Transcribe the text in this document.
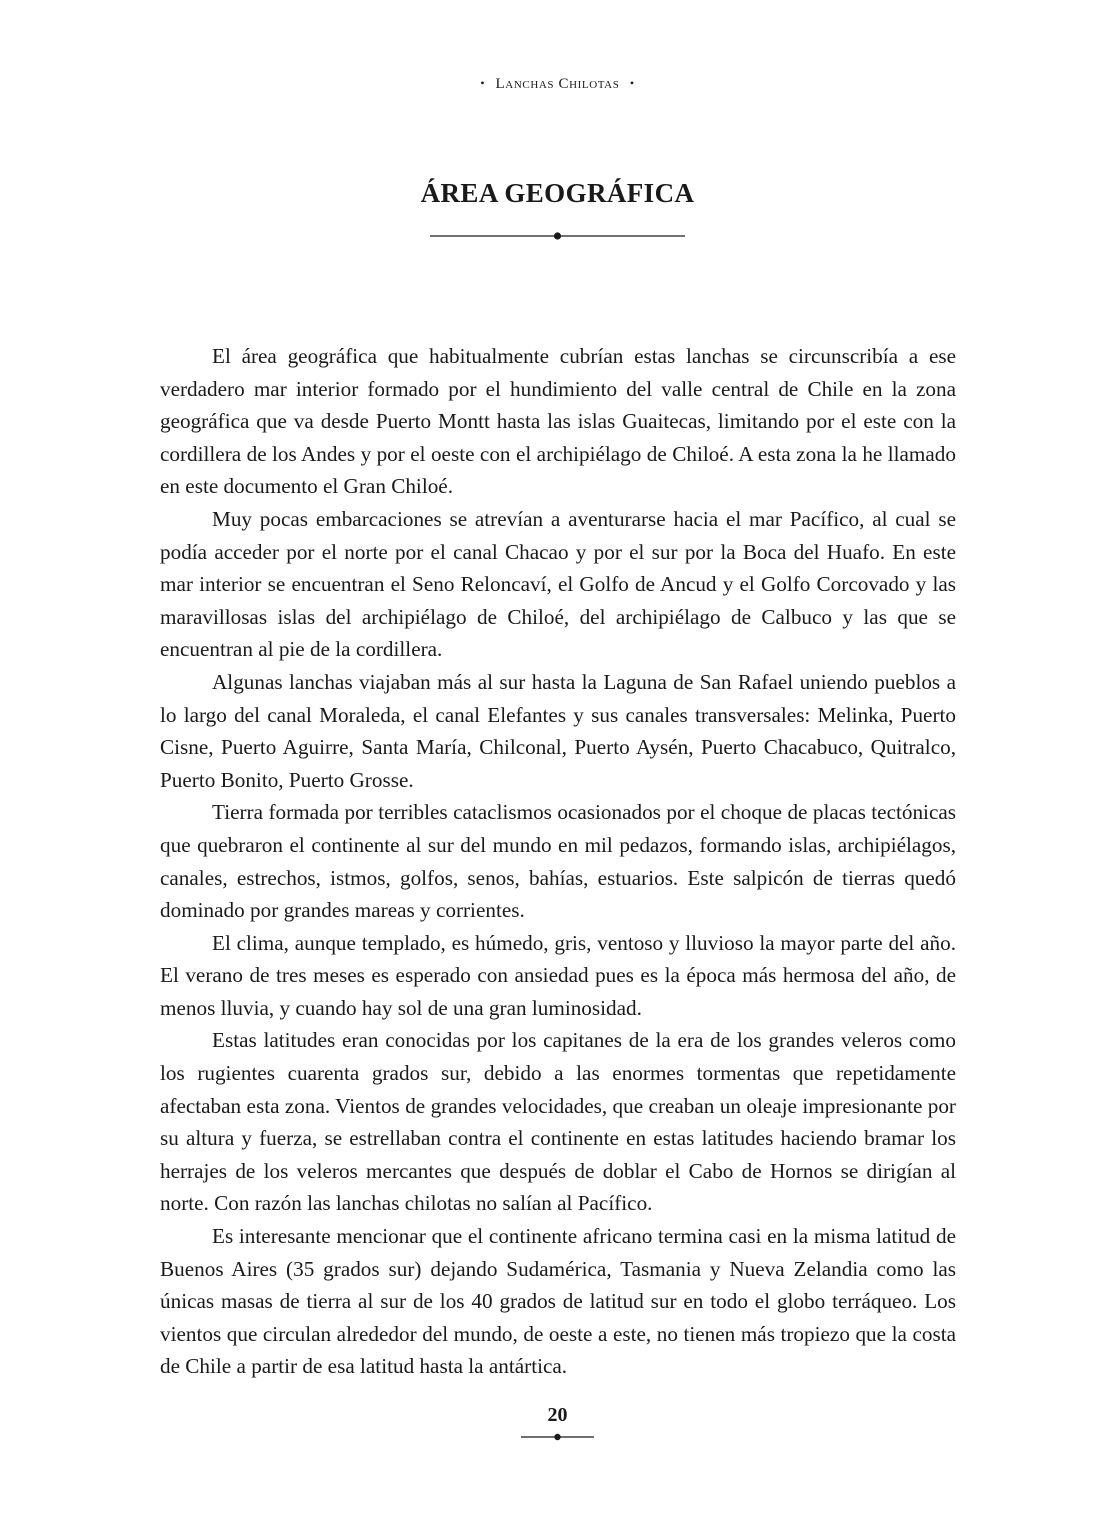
• Lanchas Chilotas •
ÁREA GEOGRÁFICA

El área geográfica que habitualmente cubrían estas lanchas se circunscribía a ese verdadero mar interior formado por el hundimiento del valle central de Chile en la zona geográfica que va desde Puerto Montt hasta las islas Guaitecas, limitando por el este con la cordillera de los Andes y por el oeste con el archipiélago de Chiloé. A esta zona la he llamado en este documento el Gran Chiloé.

Muy pocas embarcaciones se atrevían a aventurarse hacia el mar Pacífico, al cual se podía acceder por el norte por el canal Chacao y por el sur por la Boca del Huafo. En este mar interior se encuentran el Seno Reloncaví, el Golfo de Ancud y el Golfo Corcovado y las maravillosas islas del archipiélago de Chiloé, del archipiélago de Calbuco y las que se encuentran al pie de la cordillera.

Algunas lanchas viajaban más al sur hasta la Laguna de San Rafael uniendo pueblos a lo largo del canal Moraleda, el canal Elefantes y sus canales transversales: Melinka, Puerto Cisne, Puerto Aguirre, Santa María, Chilconal, Puerto Aysén, Puerto Chacabuco, Quitralco, Puerto Bonito, Puerto Grosse.

Tierra formada por terribles cataclismos ocasionados por el choque de placas tectónicas que quebraron el continente al sur del mundo en mil pedazos, formando islas, archipiélagos, canales, estrechos, istmos, golfos, senos, bahías, estuarios. Este salpicón de tierras quedó dominado por grandes mareas y corrientes.

El clima, aunque templado, es húmedo, gris, ventoso y lluvioso la mayor parte del año. El verano de tres meses es esperado con ansiedad pues es la época más hermosa del año, de menos lluvia, y cuando hay sol de una gran luminosidad.

Estas latitudes eran conocidas por los capitanes de la era de los grandes veleros como los rugientes cuarenta grados sur, debido a las enormes tormentas que repetidamente afectaban esta zona. Vientos de grandes velocidades, que creaban un oleaje impresionante por su altura y fuerza, se estrellaban contra el continente en estas latitudes haciendo bramar los herrajes de los veleros mercantes que después de doblar el Cabo de Hornos se dirigían al norte. Con razón las lanchas chilotas no salían al Pacífico.

Es interesante mencionar que el continente africano termina casi en la misma latitud de Buenos Aires (35 grados sur) dejando Sudamérica, Tasmania y Nueva Zelandia como las únicas masas de tierra al sur de los 40 grados de latitud sur en todo el globo terráqueo. Los vientos que circulan alrededor del mundo, de oeste a este, no tienen más tropiezo que la costa de Chile a partir de esa latitud hasta la antártica.

20
